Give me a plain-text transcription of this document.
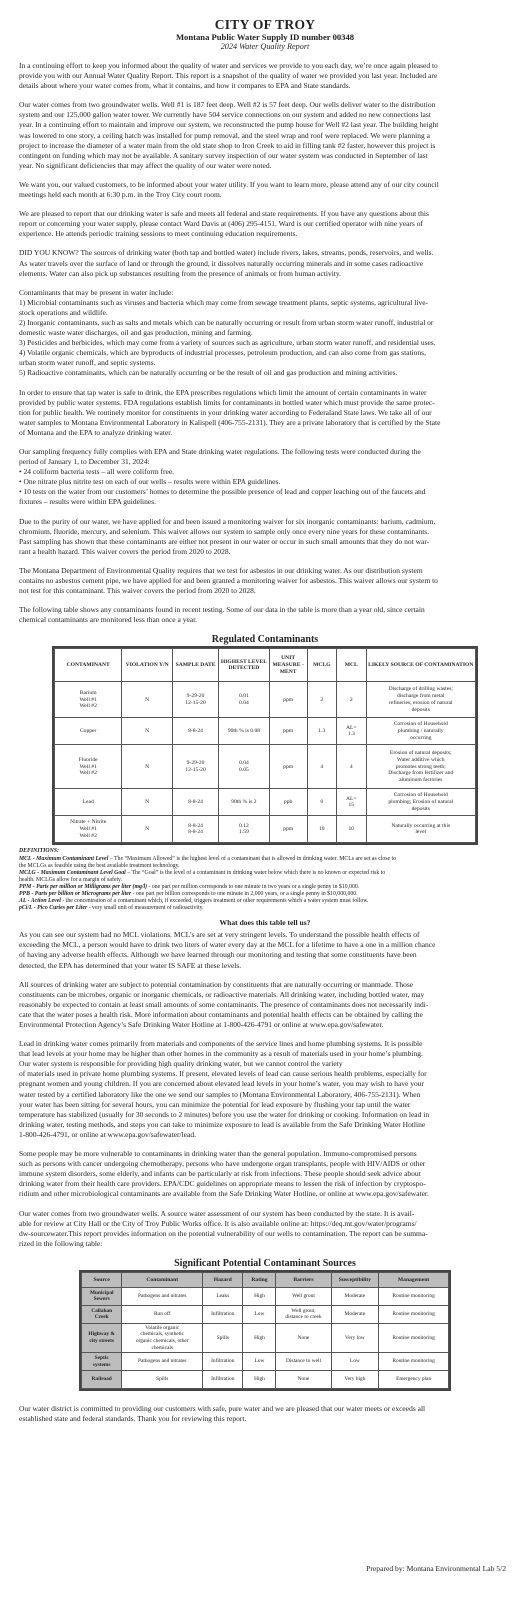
CITY OF TROY
Montana Public Water Supply ID number 00348
2024 Water Quality Report

In a continuing effort to keep you informed about the quality of water and services we provide to you each day, we’re once again pleased to
provide you with our Annual Water Quality Report. This report is a snapshot of the quality of water we provided you last year. Included are
details about where your water comes from, what it contains, and how it compares to EPA and State standards.

Our water comes from two groundwater wells. Well #1 is 187 feet deep. Well #2 is 57 feet deep. Our wells deliver water to the distribution
system and our 125,000 gallon water tower. We currently have 504 service connections on our system and added no new connections last
year. In a continuing effort to maintain and improve our system, we reconstructed the pump house for Well #2 last year. The building height
was lowered to one story, a ceiling hatch was installed for pump removal, and the steel wrap and roof were replaced. We were planning a
project to increase the diameter of a water main from the old state shop to Iron Creek to aid in filling tank #2 faster, however this project is
contingent on funding which may not be available. A sanitary survey inspection of our water system was conducted in September of last
year. No significant deficiencies that may affect the quality of our water were noted.

We want you, our valued customers, to be informed about your water utility. If you want to learn more, please attend any of our city council
meetings held each month at 6:30 p.m. in the Troy City court room.

We are pleased to report that our drinking water is safe and meets all federal and state requirements. If you have any questions about this
report or concerning your water supply, please contact Ward Davis at (406) 295-4151. Ward is our certified operator with nine years of
experience. He attends periodic training sessions to meet continuing education requirements.

DID YOU KNOW? The sources of drinking water (both tap and bottled water) include rivers, lakes, streams, ponds, reservoirs, and wells.
As water travels over the surface of land or through the ground, it dissolves naturally occurring minerals and in some cases radioactive
elements. Water can also pick up substances resulting from the presence of animals or from human activity.

Contaminants that may be present in water include:
1) Microbial contaminants such as viruses and bacteria which may come from sewage treatment plants, septic systems, agricultural live-
stock operations and wildlife.
2) Inorganic contaminants, such as salts and metals which can be naturally occurring or result from urban storm water runoff, industrial or
domestic waste water discharges, oil and gas production, mining and farming.
3) Pesticides and herbicides, which may come from a variety of sources such as agriculture, urban storm water runoff, and residential uses.
4) Volatile organic chemicals, which are byproducts of industrial processes, petroleum production, and can also come from gas stations,
urban storm water runoff, and septic systems.
5) Radioactive contaminants, which can be naturally occurring or be the result of oil and gas production and mining activities.

In order to ensure that tap water is safe to drink, the EPA prescribes regulations which limit the amount of certain contaminants in water
provided by public water systems. FDA regulations establish limits for contaminants in bottled water which must provide the same protec-
tion for public health. We routinely monitor for constituents in your drinking water according to Federaland State laws. We take all of our
water samples to Montana Environmental Laboratory in Kalispell (406-755-2131). They are a private laboratory that is certified by the State
of Montana and the EPA to analyze drinking water.

Our sampling frequency fully complies with EPA and State drinking water regulations. The following tests were conducted during the
period of January 1, to December 31, 2024:
• 24 coliform bacteria tests – all were coliform free.
• One nitrate plus nitrite test on each of our wells – results were within EPA guidelines.
• 10 tests on the water from our customers’ homes to determine the possible presence of lead and copper leaching out of the faucets and
fixtures – results were within EPA guidelines.

Due to the purity of our water, we have applied for and been issued a monitoring waiver for six inorganic contaminants: barium, cadmium,
chromium, fluoride, mercury, and selenium. This waiver allows our system to sample only once every nine years for these contaminants.
Past sampling has shown that these contaminants are either not present in our water or occur in such small amounts that they do not war-
rant a health hazard. This waiver covers the period from 2020 to 2028.

The Montana Department of Environmental Quality requires that we test for asbestos in our drinking water. As our distribution system
contains no asbestos cement pipe, we have applied for and been granted a monitoring waiver for asbestos. This waiver allows our system to
not test for this contaminant. This waiver covers the period from 2020 to 2028.

The following table shows any contaminants found in recent testing. Some of our data in the table is more than a year old, since certain
chemical contaminants are monitored less than once a year.

Regulated Contaminants
CONTAMINANT	VIOLATION Y/N	SAMPLE DATE	HIGHEST LEVEL DETECTED	UNIT MEASURE -MENT	MCLG	MCL	LIKELY SOURCE OF CONTAMINATION

Barium
Well #1
Well #2	N	9-29-20
12-15-20	0.01
0.04	ppm	2	2	Discharge of drilling wastes;
discharge from metal
refineries; erosion of natural
deposits

Copper	N	8-8-24	90th % is 0.08	ppm	1.3	AL=
1.3	Corrosion of Household
plumbing / naturally
occurring

Fluoride
Well #1
Well #2	N	9-29-20
12-15-20	0.04
0.05	ppm	4	4	Erosion of natural deposits;
Water additive which
promotes strong teeth;
Discharge from fertilizer and
aluminum factories

Lead	N	8-8-24	90th % is 2	ppb	0	AL=
15	Corrosion of Household
plumbing; Erosion of natural
deposits

Nitrate + Nitrite
Well #1
Well #2	N	8-8-24
8-8-24	0.12
1.59	ppm	10	10	Naturally occurring at this
level
DEFINITIONS:
MCL - Maximum Contaminant Level – The “Maximum Allowed” is the highest level of a contaminant that is allowed in drinking water. MCLs are set as close to
the MCLGs as feasible using the best available treatment technology.
MCLG - Maximum Contaminant Level Goal – The “Goal” is the level of a contaminant in drinking water below which there is no known or expected risk to
health. MCLGs allow for a margin of safety.
PPM - Parts per million or Milligrams per liter (mg/l) - one part per million corresponds to one minute in two years or a single penny in $10,000.
PPB - Parts per billion or Micrograms per liter - one part per billion corresponds to one minute in 2,000 years, or a single penny in $10,000,000.
AL - Action Level - the concentration of a contaminant which, if exceeded, triggers treatment or other requirements which a water system must follow.
pCi/L - Pico Curies per Liter - very small unit of measurement of radioactivity.
What does this table tell us?

As you can see our system had no MCL violations. MCL’s are set at very stringent levels. To understand the possible health effects of
exceeding the MCL, a person would have to drink two liters of water every day at the MCL for a lifetime to have a one in a million chance
of having any adverse health effects. Although we have learned through our monitoring and testing that some constituents have been
detected, the EPA has determined that your water IS SAFE at these levels.

All sources of drinking water are subject to potential contamination by constituents that are naturally occurring or manmade. Those
constituents can be microbes, organic or inorganic chemicals, or radioactive materials. All drinking water, including bottled water, may
reasonably be expected to contain at least small amounts of some contaminants. The presence of contaminants does not necessarily indi-
cate that the water poses a health risk. More information about contaminants and potential health effects can be obtained by calling the
Environmental Protection Agency’s Safe Drinking Water Hotline at 1-800-426-4791 or online at www.epa.gov/safewater.

Lead in drinking water comes primarily from materials and components of the service lines and home plumbing systems. It is possible
that lead levels at your home may be higher than other homes in the community as a result of materials used in your home’s plumbing.
Our water system is responsible for providing high quality drinking water, but we cannot control the variety
of materials used in private home plumbing systems. If present, elevated levels of lead can cause serious health problems, especially for
pregnant women and young children. If you are concerned about elevated lead levels in your home’s water, you may wish to have your
water tested by a certified laboratory like the one we send our samples to (Montana Environmental Laboratory, 406-755-2131). When
your water has been sitting for several hours, you can minimize the potential for lead exposure by flushing your tap until the water
temperature has stabilized (usually for 30 seconds to 2 minutes) before you use the water for drinking or cooking. Information on lead in
drinking water, testing methods, and steps you can take to minimize exposure to lead is available from the Safe Drinking Water Hotline
1-800-426-4791, or online at www.epa.gov/safewater/lead.

Some people may be more vulnerable to contaminants in drinking water than the general population. Immuno-compromised persons
such as persons with cancer undergoing chemotherapy, persons who have undergone organ transplants, people with HIV/AIDS or other
immune system disorders, some elderly, and infants can be particularly at risk from infections. These people should seek advice about
drinking water from their health care providers. EPA/CDC guidelines on appropriate means to lessen the risk of infection by cryptospo-
ridium and other microbiological contaminants are available from the Safe Drinking Water Hotline, or online at www.epa.gov/safewater.

Our water comes from two groundwater wells. A source water assessment of our system has been conducted by the state. It is avail-
able for review at City Hall or the City of Troy Public Works office. It is also available online at: https://deq.mt.gov/water/programs/
dw-sourcewater.This report provides information on the potential vulnerability of our wells to contamination. The report can be summa-
rized in the following table:

Significant Potential Contaminant Sources
Source	Contaminant	Hazard	Rating	Barriers	Susceptibility	Management

Municipal
Sewers	Pathogens and nitrates	Leaks	High	Well grout	Moderate	Routine monitoring

Callahan
Creek	Run off	Infiltration	Low	Well grout,
distance to creek	Moderate	Routine monitoring

Highway &
city streets	Volatile organic
chemicals, synthetic
organic chemicals, other
chemicals	Spills	High	None	Very low	Routine monitoring

Septic
systems	Pathogens and nitrates	Infiltration	Low	Distance to well	Low	Routine monitoring

Railroad	Spills	Infiltration	High	None	Very high	Emergency plan

Our water district is committed to providing our customers with safe, pure water and we are pleased that our water meets or exceeds all
established state and federal standards. Thank you for reviewing this report.

Prepared by: Montana Environmental Lab 5/2
